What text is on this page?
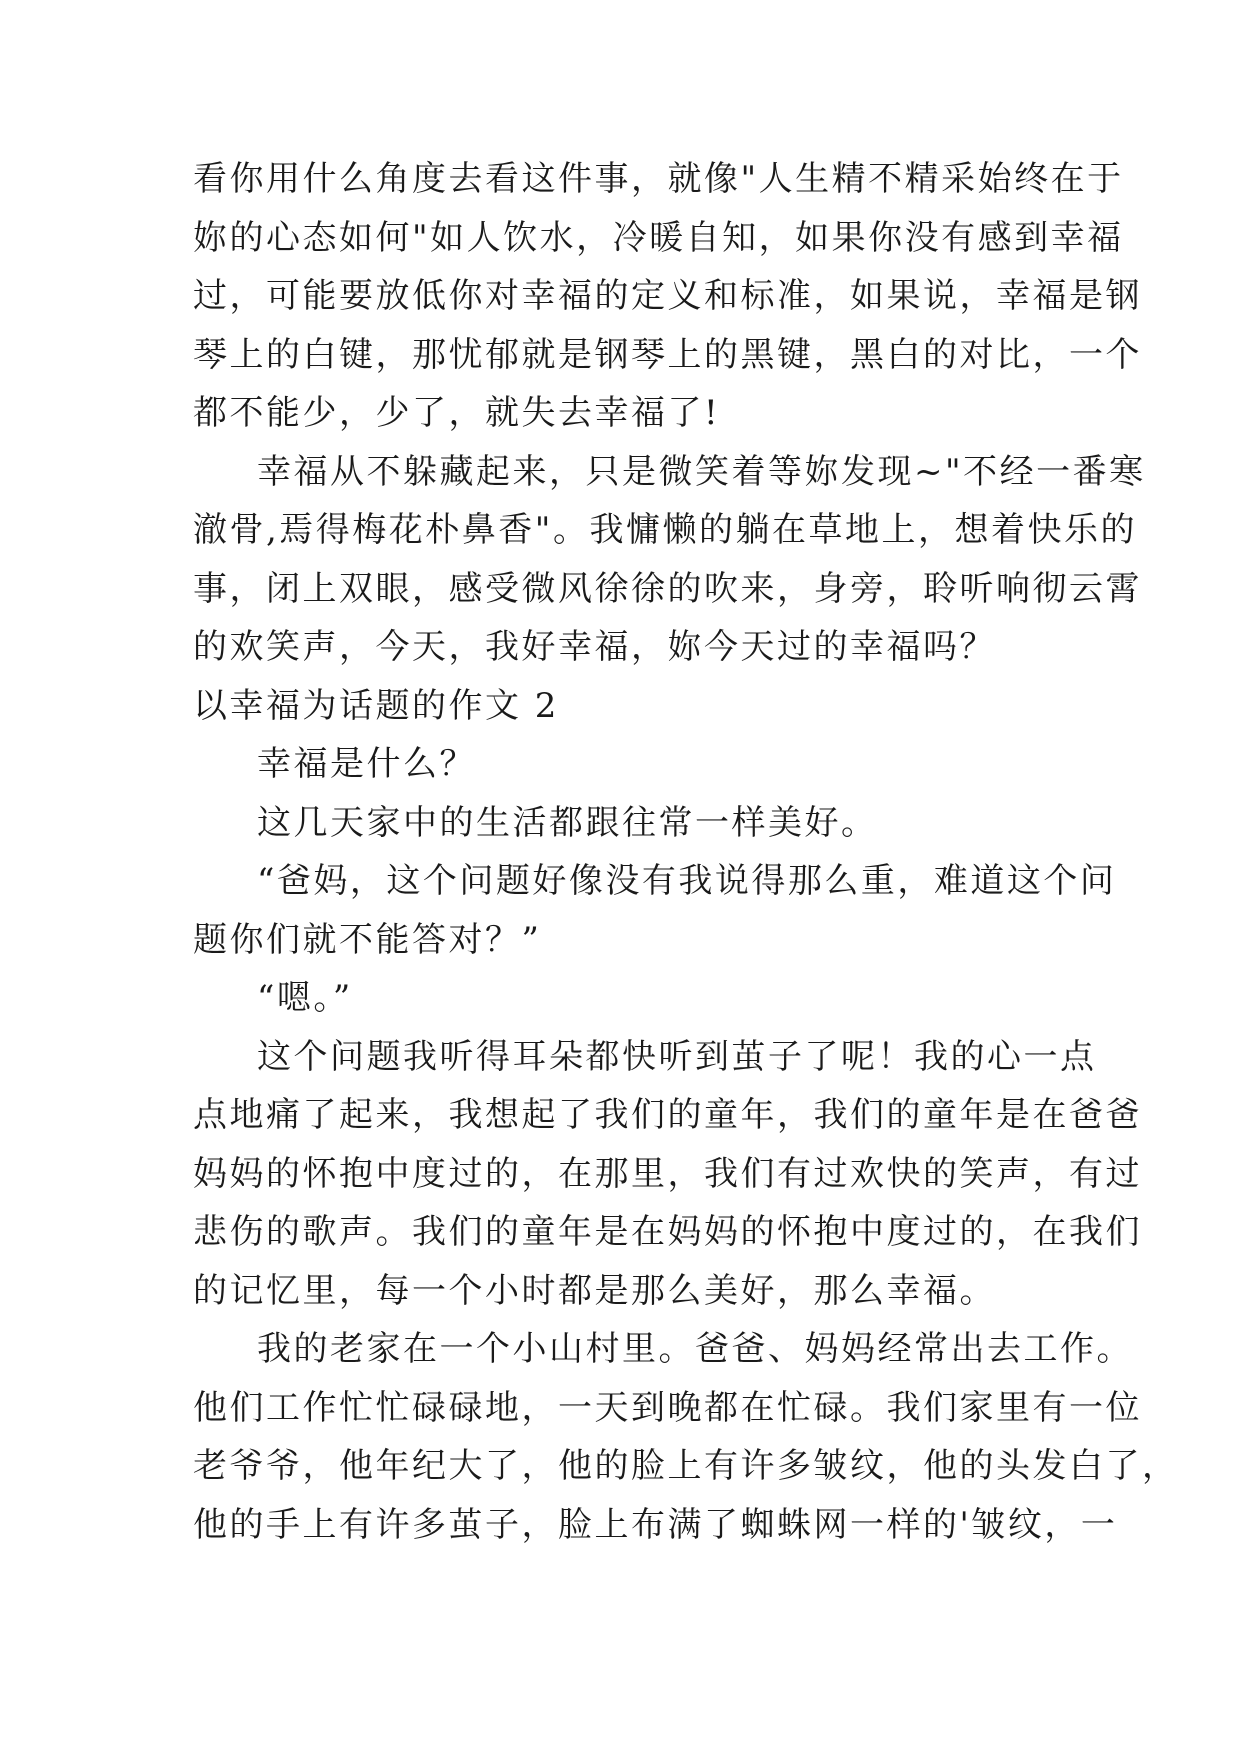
看你用什么角度去看这件事，就像"人生精不精采始终在于
妳的心态如何"如人饮水，冷暖自知，如果你没有感到幸福
过，可能要放低你对幸福的定义和标准，如果说，幸福是钢
琴上的白键，那忧郁就是钢琴上的黑键，黑白的对比，一个
都不能少，少了，就失去幸福了!
幸福从不躲藏起来，只是微笑着等妳发现~"不经一番寒
澈骨,焉得梅花朴鼻香"。我慵懒的躺在草地上，想着快乐的
事，闭上双眼，感受微风徐徐的吹来，身旁，聆听响彻云霄
的欢笑声，今天，我好幸福，妳今天过的幸福吗？
以幸福为话题的作文 2
幸福是什么？
这几天家中的生活都跟往常一样美好。
“爸妈，这个问题好像没有我说得那么重，难道这个问
题你们就不能答对？”
“嗯。”
这个问题我听得耳朵都快听到茧子了呢！我的心一点
点地痛了起来，我想起了我们的童年，我们的童年是在爸爸
妈妈的怀抱中度过的，在那里，我们有过欢快的笑声，有过
悲伤的歌声。我们的童年是在妈妈的怀抱中度过的，在我们
的记忆里，每一个小时都是那么美好，那么幸福。
我的老家在一个小山村里。爸爸、妈妈经常出去工作。
他们工作忙忙碌碌地，一天到晚都在忙碌。我们家里有一位
老爷爷，他年纪大了，他的脸上有许多皱纹，他的头发白了，
他的手上有许多茧子，脸上布满了蜘蛛网一样的'皱纹，一
